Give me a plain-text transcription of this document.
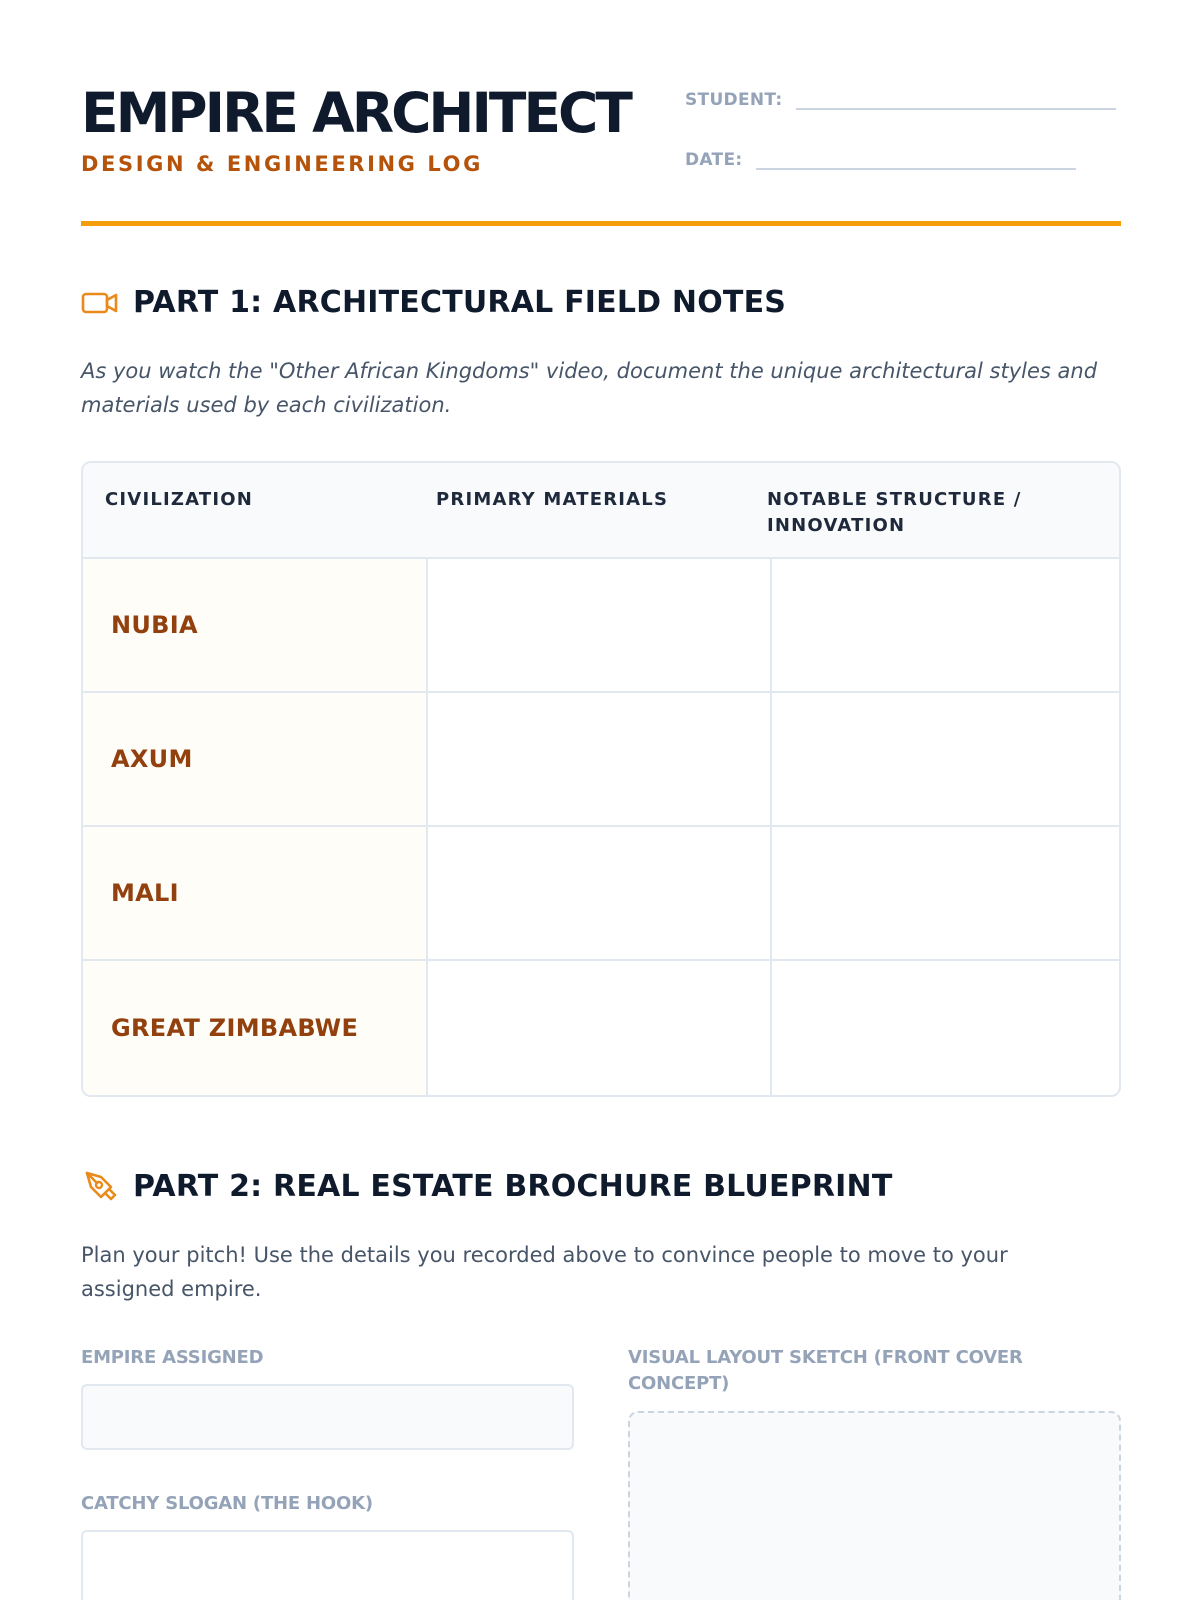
EMPIRE ARCHITECT
DESIGN & ENGINEERING LOG
STUDENT:
DATE:
PART 1: ARCHITECTURAL FIELD NOTES

As you watch the "Other African Kingdoms" video, document the unique architectural styles and materials used by each civilization.

CIVILIZATION	PRIMARY MATERIALS	NOTABLE STRUCTURE / INNOVATION
NUBIA
AXUM
MALI
GREAT ZIMBABWE
PART 2: REAL ESTATE BROCHURE BLUEPRINT

Plan your pitch! Use the details you recorded above to convince people to move to your assigned empire.

EMPIRE ASSIGNED
CATCHY SLOGAN (THE HOOK)
VISUAL LAYOUT SKETCH (FRONT COVER CONCEPT)
